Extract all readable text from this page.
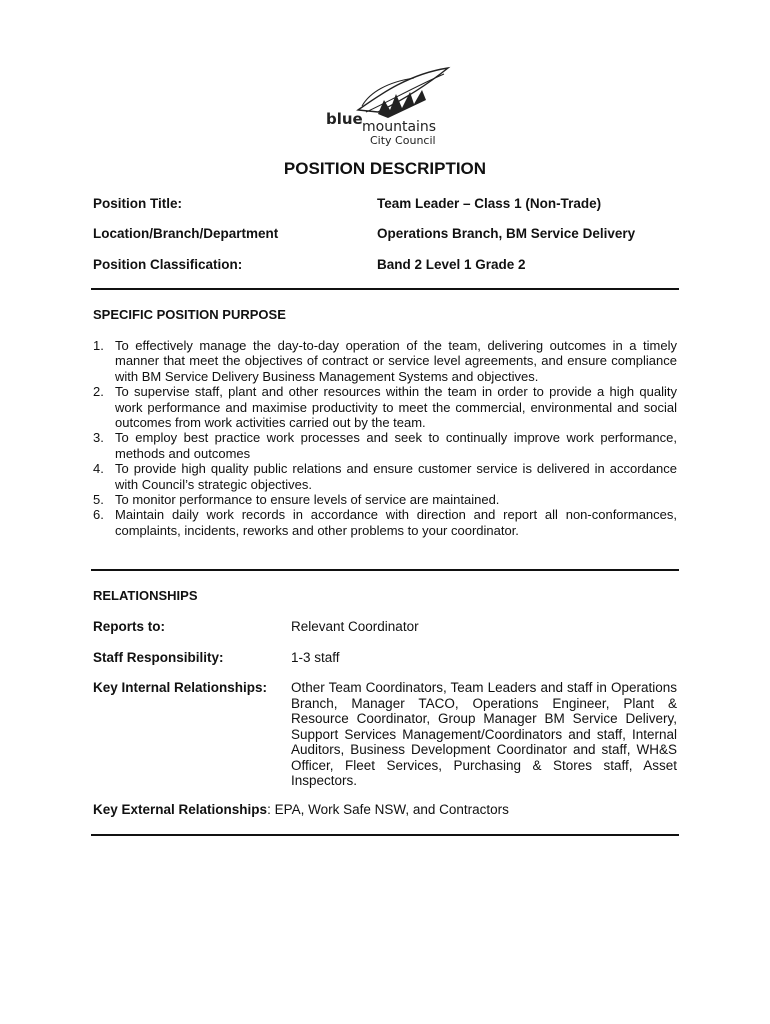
blue mountains
City Council
POSITION DESCRIPTION
Position Title:	Team Leader – Class 1 (Non-Trade)
Location/Branch/Department	Operations Branch, BM Service Delivery
Position Classification:	Band 2 Level 1 Grade 2
SPECIFIC POSITION PURPOSE
1. To effectively manage the day-to-day operation of the team, delivering outcomes in a timely manner that meet the objectives of contract or service level agreements, and ensure compliance with BM Service Delivery Business Management Systems and objectives.
2. To supervise staff, plant and other resources within the team in order to provide a high quality work performance and maximise productivity to meet the commercial, environmental and social outcomes from work activities carried out by the team.
3. To employ best practice work processes and seek to continually improve work performance, methods and outcomes
4. To provide high quality public relations and ensure customer service is delivered in accordance with Council’s strategic objectives.
5. To monitor performance to ensure levels of service are maintained.
6. Maintain daily work records in accordance with direction and report all non-conformances, complaints, incidents, reworks and other problems to your coordinator.
RELATIONSHIPS
Reports to:	Relevant Coordinator
Staff Responsibility:	1-3 staff
Key Internal Relationships: Other Team Coordinators, Team Leaders and staff in Operations Branch, Manager TACO, Operations Engineer, Plant & Resource Coordinator, Group Manager BM Service Delivery, Support Services Management/Coordinators and staff, Internal Auditors, Business Development Coordinator and staff, WH&S Officer, Fleet Services, Purchasing & Stores staff, Asset Inspectors.
Key External Relationships: EPA, Work Safe NSW, and Contractors
